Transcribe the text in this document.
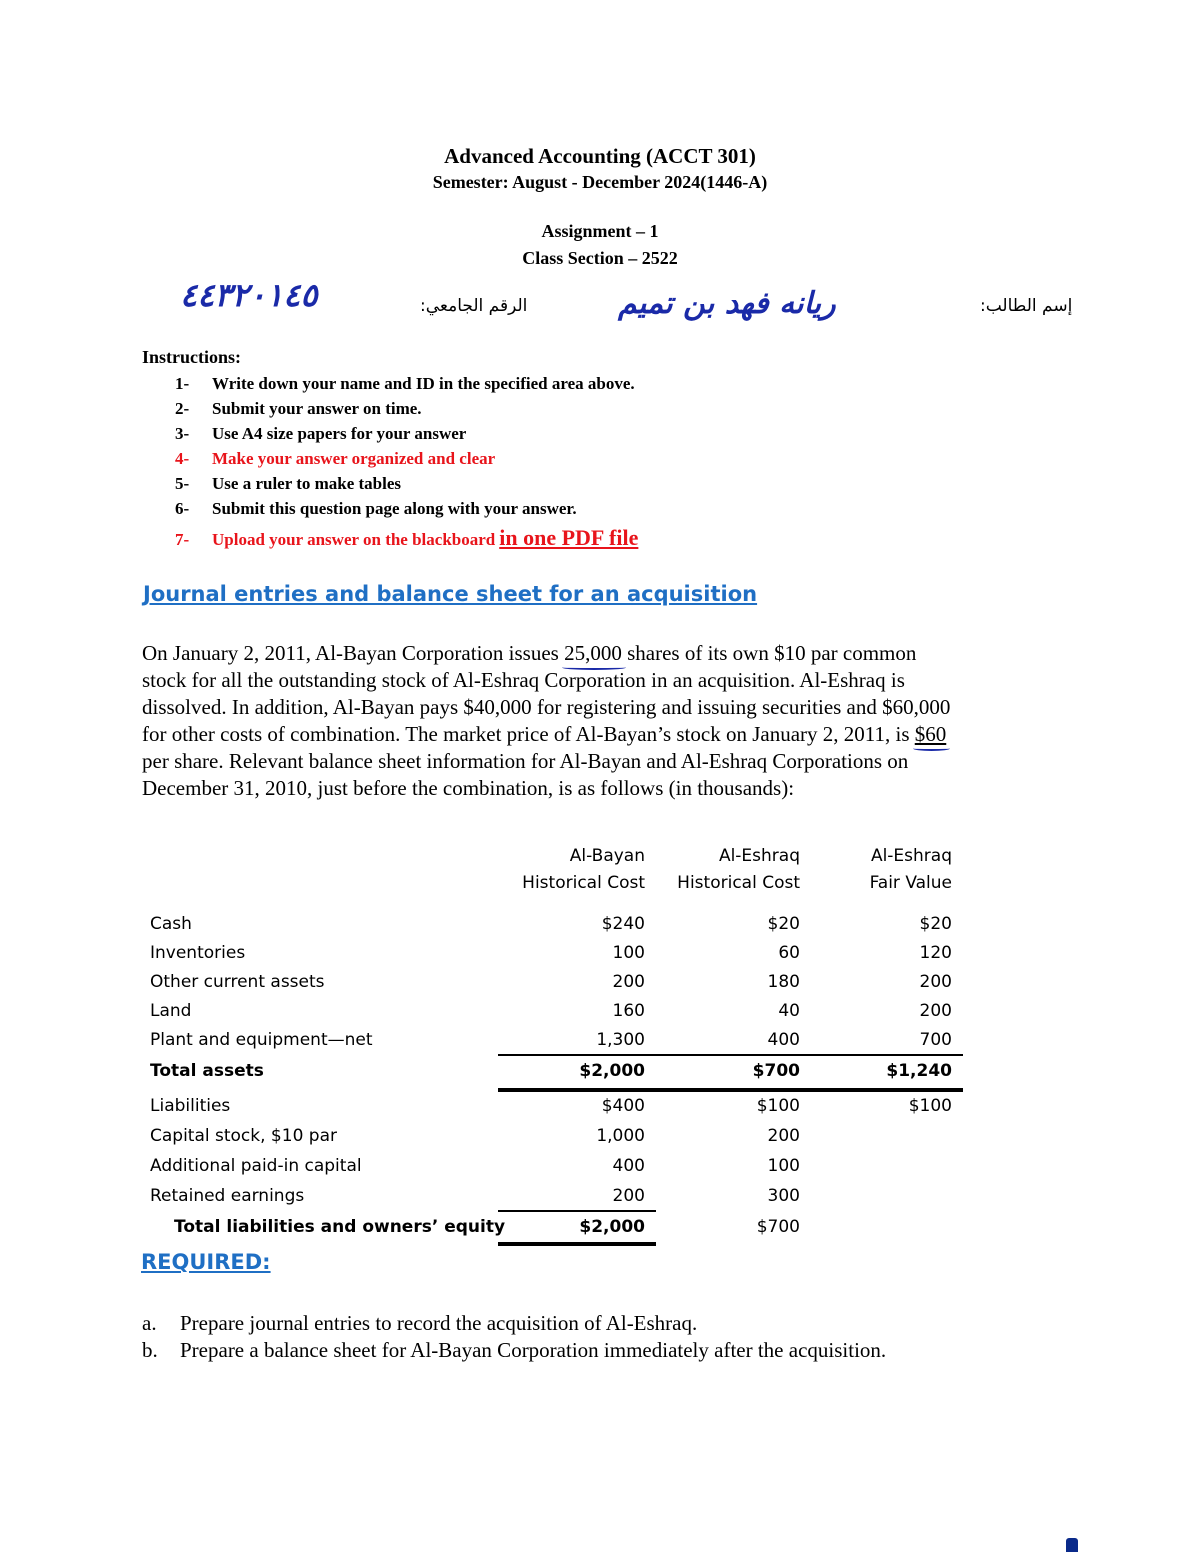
Advanced Accounting (ACCT 301)
Semester: August - December 2024(1446-A)
Assignment – 1
Class Section – 2522
إسم الطالب:
ريانه فهد بن تميم
الرقم الجامعي:
٤٤٣٢٠١٤٥
Instructions:
1- Write down your name and ID in the specified area above.
2- Submit your answer on time.
3- Use A4 size papers for your answer
4- Make your answer organized and clear
5- Use a ruler to make tables
6- Submit this question page along with your answer.
7- Upload your answer on the blackboard in one PDF file
Journal entries and balance sheet for an acquisition

On January 2, 2011, Al-Bayan Corporation issues 25,000 shares of its own $10 par common

stock for all the outstanding stock of Al-Eshraq Corporation in an acquisition. Al-Eshraq is

dissolved. In addition, Al-Bayan pays $40,000 for registering and issuing securities and $60,000

for other costs of combination. The market price of Al-Bayan’s stock on January 2, 2011, is $60

per share. Relevant balance sheet information for Al-Bayan and Al-Eshraq Corporations on

December 31, 2010, just before the combination, is as follows (in thousands):

Al-Bayan	Al-Eshraq	Al-Eshraq
Historical Cost	Historical Cost	Fair Value
Cash	$240	$20	$20
Inventories	100	60	120
Other current assets	200	180	200
Land	160	40	200
Plant and equipment—net	1,300	400	700
Total assets	$2,000	$700	$1,240
Liabilities	$400	$100	$100
Capital stock, $10 par	1,000	200
Additional paid-in capital	400	100
Retained earnings	200	300
Total liabilities and owners’ equity	$2,000	$700
REQUIRED:
a. Prepare journal entries to record the acquisition of Al-Eshraq.
b. Prepare a balance sheet for Al-Bayan Corporation immediately after the acquisition.
